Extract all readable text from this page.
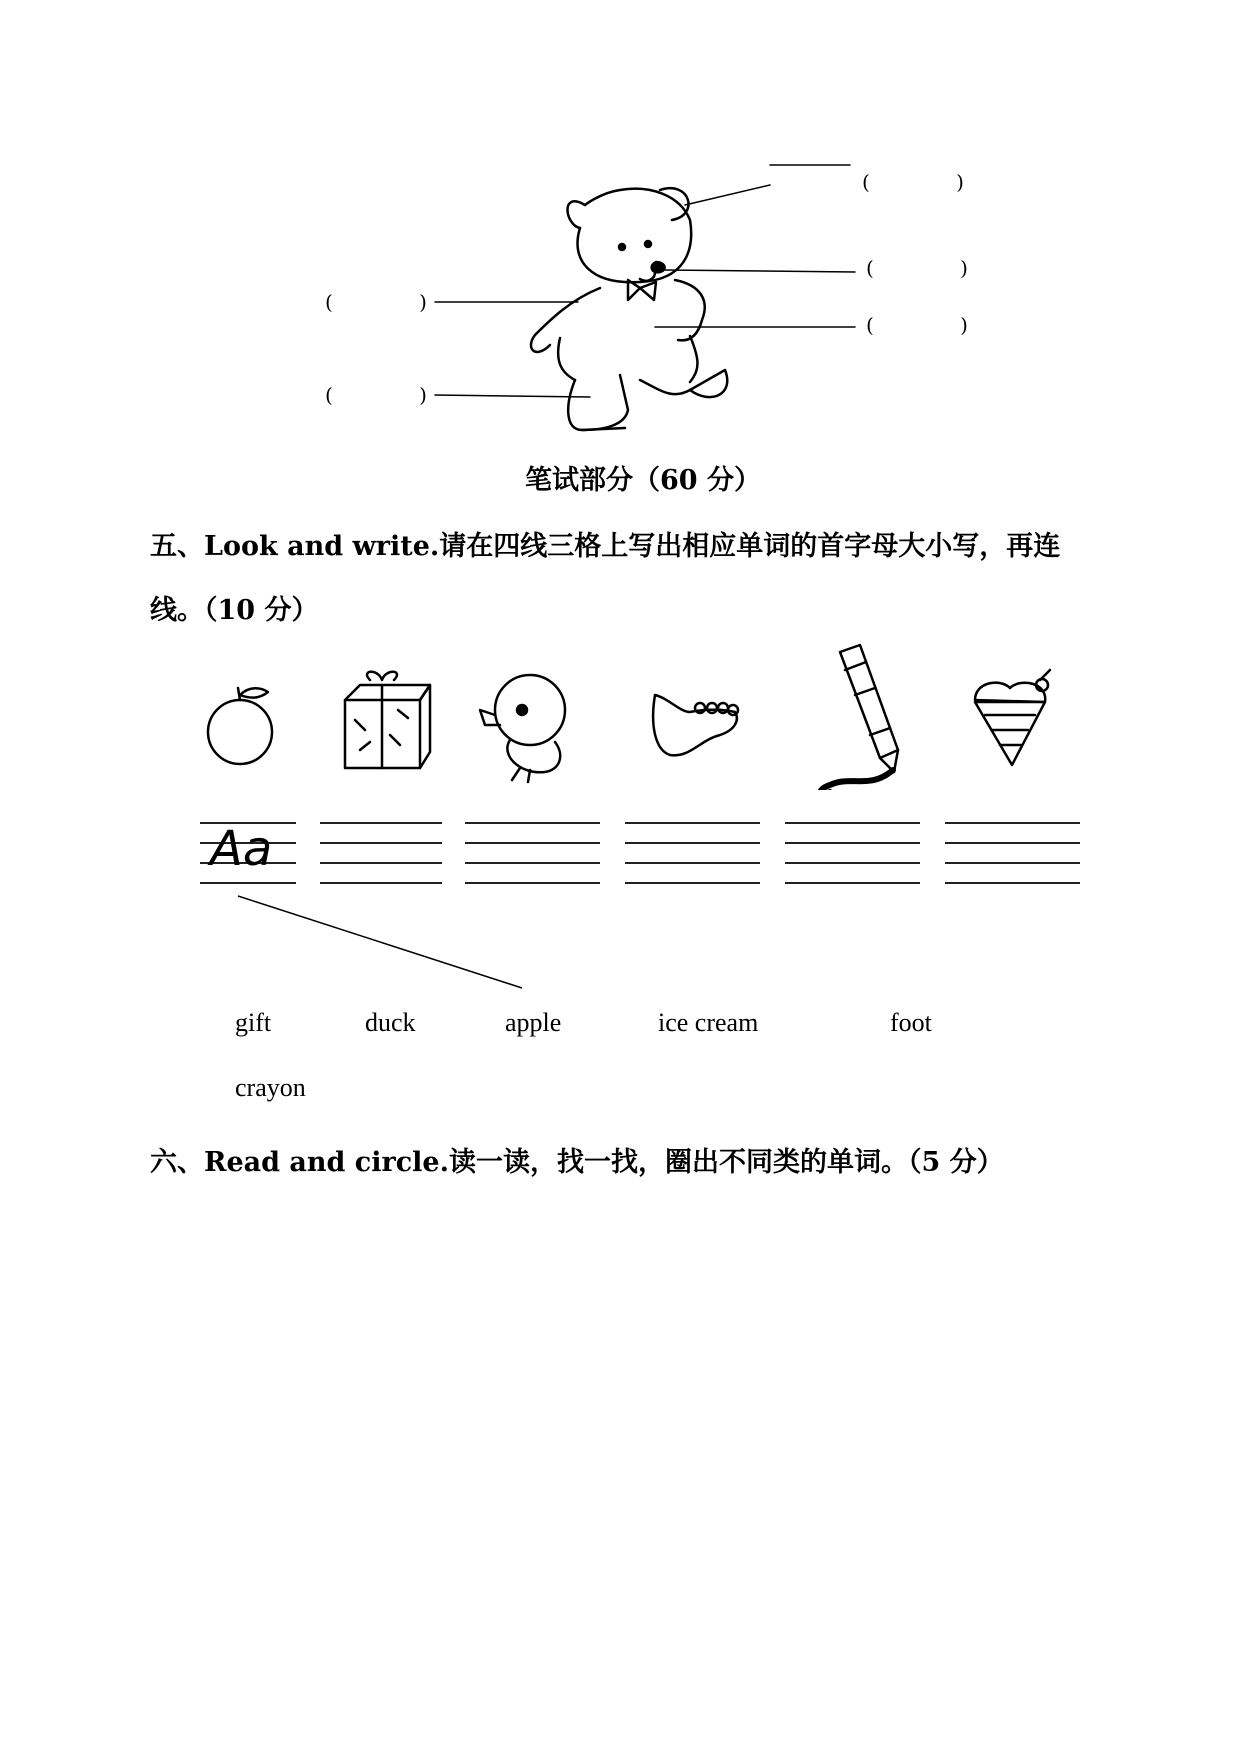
( )
( )
( )
( )
( )
笔试部分（60 分）
五、Look and write.请在四线三格上写出相应单词的首字母大小写，再连
线。（10 分）
Aa
gift	duck	apple	ice cream	foot
crayon
六、Read and circle.读一读，找一找，圈出不同类的单词。（5 分）
